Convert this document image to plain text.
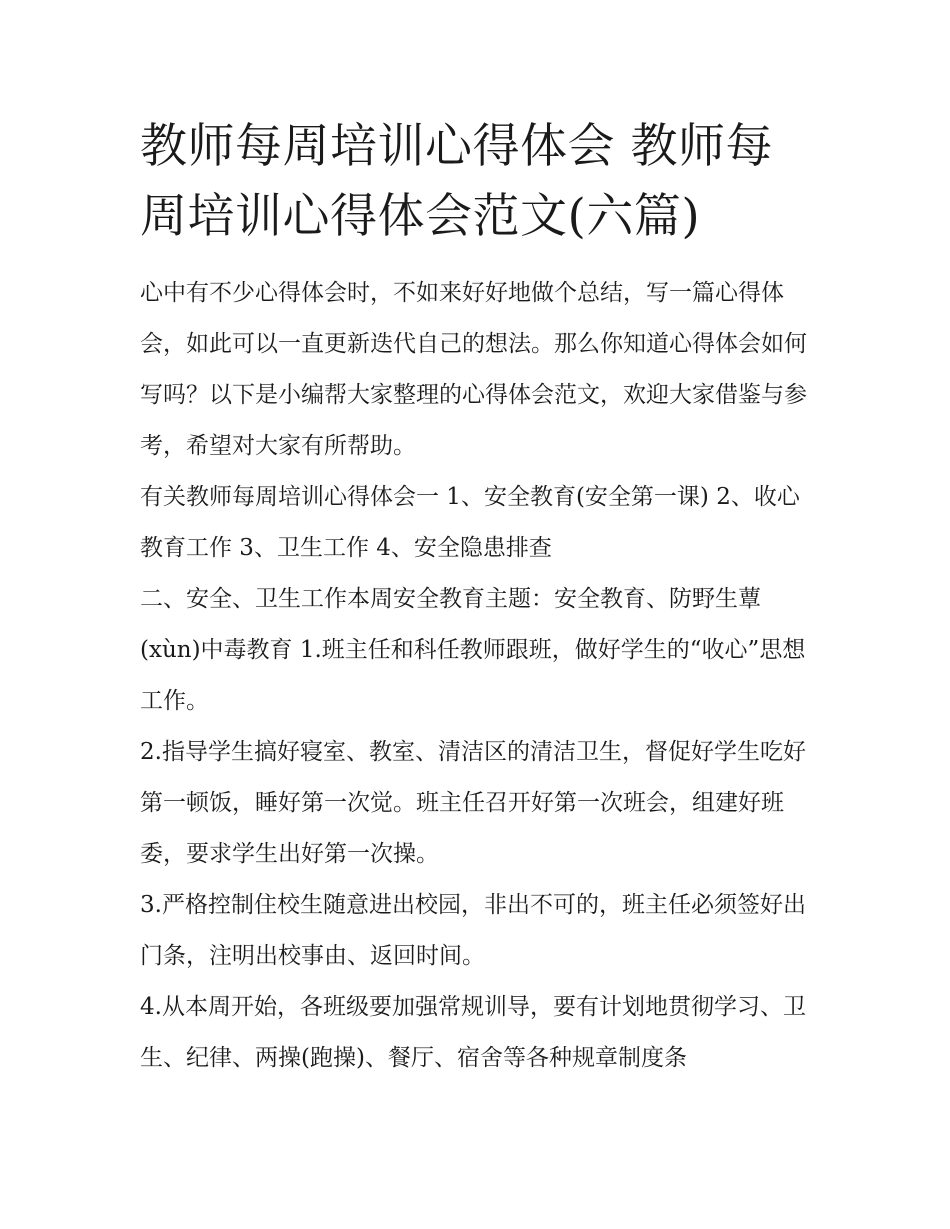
教师每周培训心得体会 教师每周培训心得体会范文(六篇)

心中有不少心得体会时，不如来好好地做个总结，写一篇心得体会，如此可以一直更新迭代自己的想法。那么你知道心得体会如何写吗？以下是小编帮大家整理的心得体会范文，欢迎大家借鉴与参考，希望对大家有所帮助。

有关教师每周培训心得体会一 1、安全教育(安全第一课) 2、收心教育工作 3、卫生工作 4、安全隐患排查

二、安全、卫生工作本周安全教育主题：安全教育、防野生蕈(xùn)中毒教育 1.班主任和科任教师跟班，做好学生的“收心”思想工作。

2.指导学生搞好寝室、教室、清洁区的清洁卫生，督促好学生吃好第一顿饭，睡好第一次觉。班主任召开好第一次班会，组建好班委，要求学生出好第一次操。

3.严格控制住校生随意进出校园，非出不可的，班主任必须签好出门条，注明出校事由、返回时间。

4.从本周开始，各班级要加强常规训导，要有计划地贯彻学习、卫生、纪律、两操(跑操)、餐厅、宿舍等各种规章制度条
